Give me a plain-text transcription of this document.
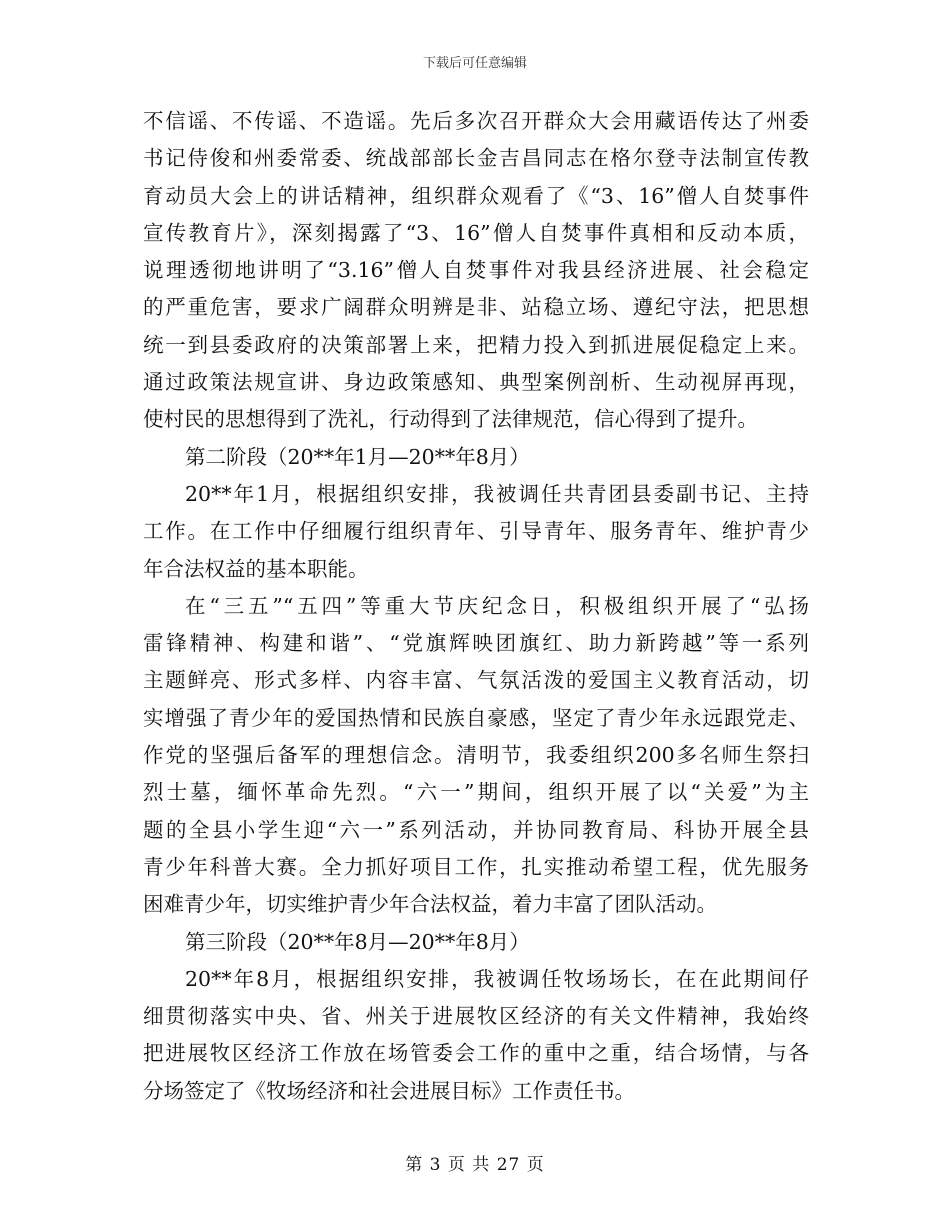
下载后可任意编辑
不信谣、不传谣、不造谣。先后多次召开群众大会用藏语传达了州委
书记侍俊和州委常委、统战部部长金吉昌同志在格尔登寺法制宣传教
育动员大会上的讲话精神，组织群众观看了《“3、16”僧人自焚事件
宣传教育片》，深刻揭露了“3、16”僧人自焚事件真相和反动本质，
说理透彻地讲明了“3.16”僧人自焚事件对我县经济进展、社会稳定
的严重危害，要求广阔群众明辨是非、站稳立场、遵纪守法，把思想
统一到县委政府的决策部署上来，把精力投入到抓进展促稳定上来。
通过政策法规宣讲、身边政策感知、典型案例剖析、生动视屏再现，
使村民的思想得到了洗礼，行动得到了法律规范，信心得到了提升。
第二阶段（20**年1月—20**年8月）
20**年1月，根据组织安排，我被调任共青团县委副书记、主持
工作。在工作中仔细履行组织青年、引导青年、服务青年、维护青少
年合法权益的基本职能。
在“三五”“五四”等重大节庆纪念日，积极组织开展了“弘扬
雷锋精神、构建和谐”、“党旗辉映团旗红、助力新跨越”等一系列
主题鲜亮、形式多样、内容丰富、气氛活泼的爱国主义教育活动，切
实增强了青少年的爱国热情和民族自豪感，坚定了青少年永远跟党走、
作党的坚强后备军的理想信念。清明节，我委组织200多名师生祭扫
烈士墓，缅怀革命先烈。“六一”期间，组织开展了以“关爱”为主
题的全县小学生迎“六一”系列活动，并协同教育局、科协开展全县
青少年科普大赛。全力抓好项目工作，扎实推动希望工程，优先服务
困难青少年，切实维护青少年合法权益，着力丰富了团队活动。
第三阶段（20**年8月—20**年8月）
20**年8月，根据组织安排，我被调任牧场场长，在在此期间仔
细贯彻落实中央、省、州关于进展牧区经济的有关文件精神，我始终
把进展牧区经济工作放在场管委会工作的重中之重，结合场情，与各
分场签定了《牧场经济和社会进展目标》工作责任书。
第 3 页 共 27 页
